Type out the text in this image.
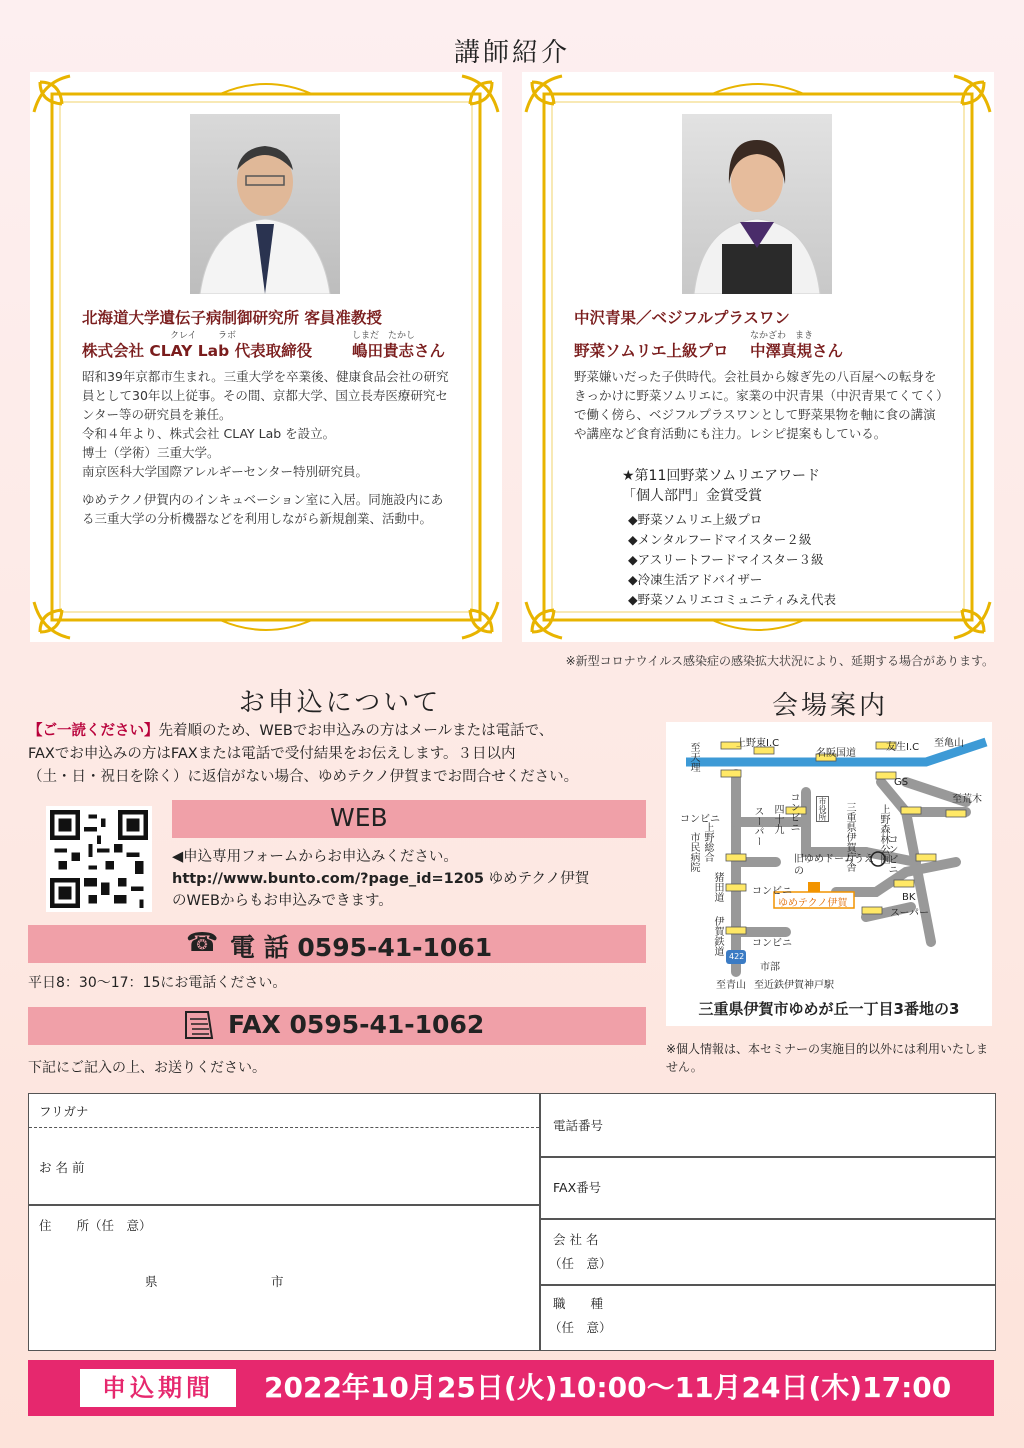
講師紹介
北海道大学遺伝子病制御研究所 客員准教授
クレイ ラボ	しまだ　たかし
株式会社 CLAY Lab 代表取締役	嶋田貴志さん

昭和39年京都市生まれ。三重大学を卒業後、健康食品会社の研究員として30年以上従事。その間、京都大学、国立長寿医療研究センター等の研究員を兼任。

令和４年より、株式会社 CLAY Lab を設立。

博士（学術）三重大学。

南京医科大学国際アレルギーセンター特別研究員。

ゆめテクノ伊賀内のインキュベーション室に入居。同施設内にある三重大学の分析機器などを利用しながら新規創業、活動中。

中沢青果／ベジフルプラスワン
なかざわ　まき
野菜ソムリエ上級プロ 中澤真規さん
野菜嫌いだった子供時代。会社員から嫁ぎ先の八百屋への転身をきっかけに野菜ソムリエに。家業の中沢青果（中沢青果てくてく）で働く傍ら、ベジフルプラスワンとして野菜果物を軸に食の講演や講座など食育活動にも注力。レシピ提案もしている。
★第11回野菜ソムリエアワード
「個人部門」金賞受賞
◆野菜ソムリエ上級プロ
◆メンタルフードマイスター２級
◆アスリートフードマイスター３級
◆冷凍生活アドバイザー
◆野菜ソムリエコミュニティみえ代表
※新型コロナウイルス感染症の感染拡大状況により、延期する場合があります。
お申込について
【ご一読ください】先着順のため、WEBでお申込みの方はメールまたは電話で、
FAXでお申込みの方はFAXまたは電話で受付結果をお伝えします。３日以内
（土・日・祝日を除く）に返信がない場合、ゆめテクノ伊賀までお問合せください。
WEB
◀申込専用フォームからお申込みください。
http://www.bunto.com/?page_id=1205 ゆめテクノ伊賀
のWEBからもお申込みできます。
☎ 電 話 0595-41-1061
平日8：30〜17：15にお電話ください。
FAX 0595-41-1062
下記にご記入の上、お送りください。
会場案内
上野東I.C	友生I.C 至亀山
至天理	名阪国道
GS
至荒木
コンビニ	コンビニ
四十九
スーパー	市役所 三重県伊賀庁舎 上野森林公園
市民病院 上野総合	旧ゆめドームうえの	コンビニ
BK
スーパー
コンビニ
ゆめテクノ伊賀
猪田道
伊賀鉄道	コンビニ
422
市部
至青山 至近鉄伊賀神戸駅
三重県伊賀市ゆめが丘一丁目3番地の3
※個人情報は、本セミナーの実施目的以外には利用いたしません。
フリガナ
お 名 前
住　　所（任　意）
県	市
電話番号
FAX番号
会 社 名
（任　意）
職　　種
（任　意）
申込期間	2022年10月25日(火)10:00〜11月24日(木)17:00
